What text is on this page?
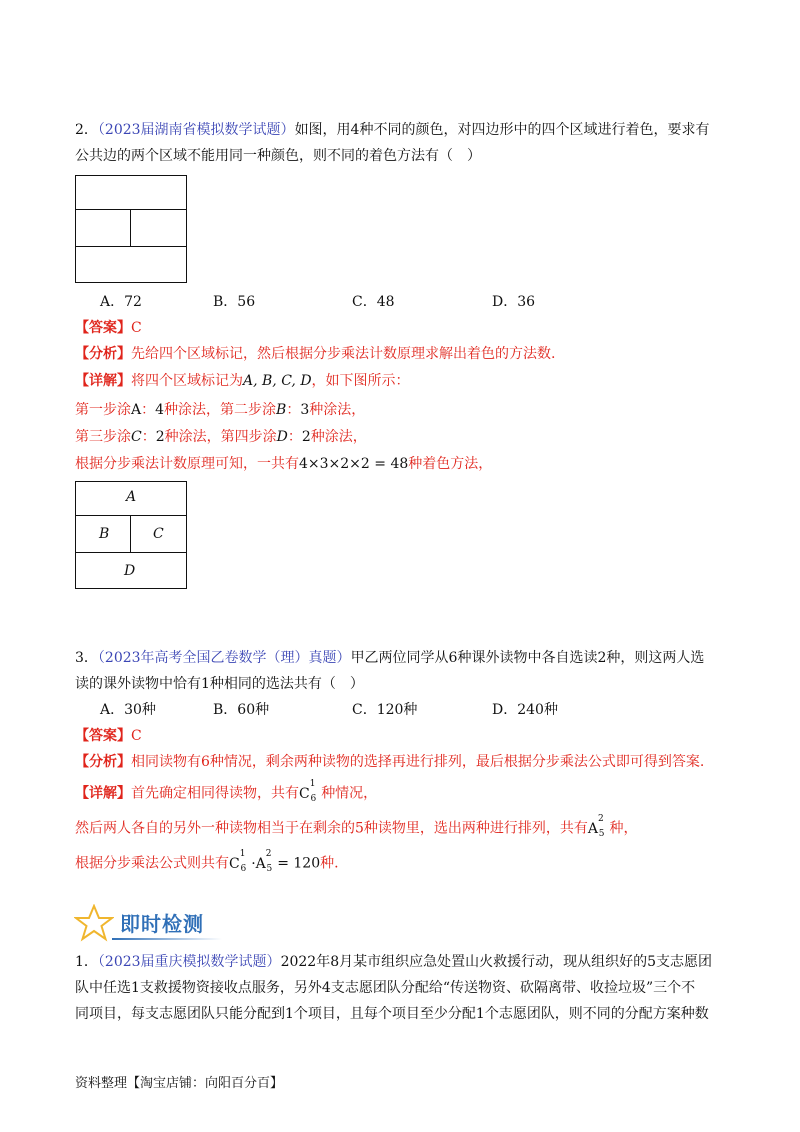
2．（2023届湖南省模拟数学试题）如图，用4种不同的颜色，对四边形中的四个区域进行着色，要求有
公共边的两个区域不能用同一种颜色，则不同的着色方法有（　）
A．72	B．56	C．48	D．36
【答案】C
【分析】先给四个区域标记，然后根据分步乘法计数原理求解出着色的方法数.
【详解】将四个区域标记为A, B, C, D，如下图所示：
第一步涂A：4种涂法，第二步涂B：3种涂法，
第三步涂C：2种涂法，第四步涂D：2种涂法，
根据分步乘法计数原理可知，一共有4×3×2×2 = 48种着色方法，
A
B	C
D
3．（2023年高考全国乙卷数学（理）真题）甲乙两位同学从6种课外读物中各自选读2种，则这两人选
读的课外读物中恰有1种相同的选法共有（　）
A．30种	B．60种	C．120种	D．240种
【答案】C
【分析】相同读物有6种情况，剩余两种读物的选择再进行排列，最后根据分步乘法公式即可得到答案.
【详解】首先确定相同得读物，共有$C^1_6$ 种情况，
然后两人各自的另外一种读物相当于在剩余的5种读物里，选出两种进行排列，共有$A^2_5$ 种，
根据分步乘法公式则共有$C^1_6 \cdot A^2_5 = 120$种.
即时检测
1．（2023届重庆模拟数学试题）2022年8月某市组织应急处置山火救援行动，现从组织好的5支志愿团
队中任选1支救援物资接收点服务，另外4支志愿团队分配给“传送物资、砍隔离带、收捡垃圾”三个不
同项目，每支志愿团队只能分配到1个项目，且每个项目至少分配1个志愿团队，则不同的分配方案种数
资料整理【淘宝店铺：向阳百分百】
